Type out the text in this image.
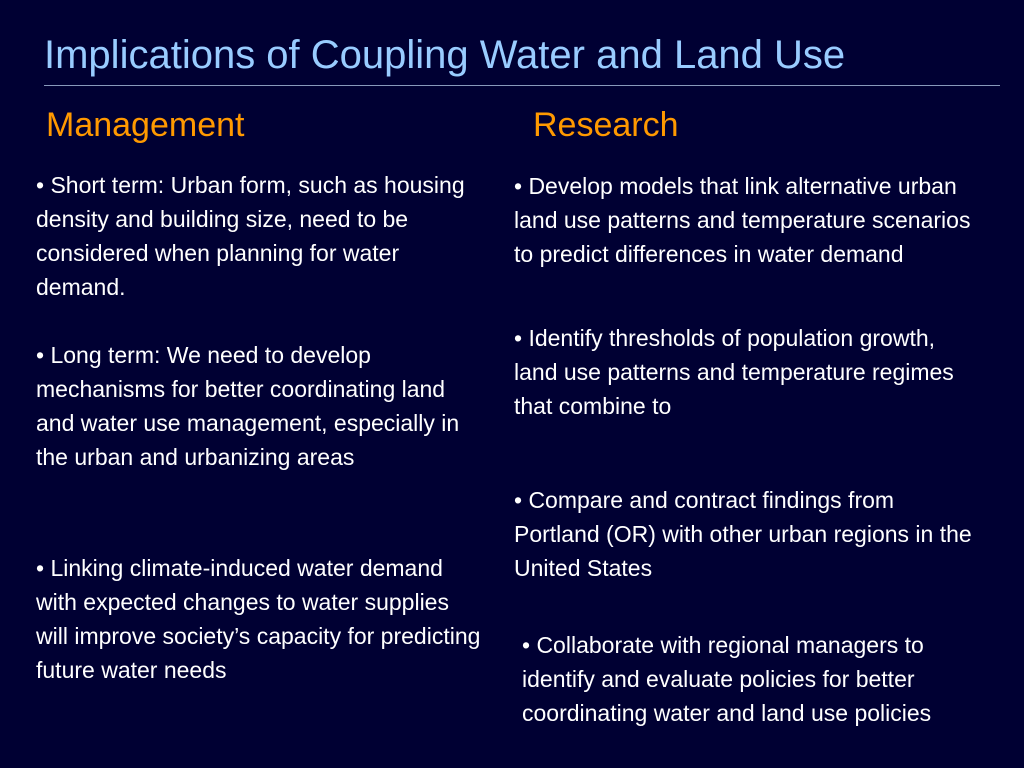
Implications of Coupling Water and Land Use
Management	Research

• Short term: Urban form, such as housing density and building size, need to be considered when planning for water demand.

• Long term: We need to develop mechanisms for better coordinating land and water use management, especially in the urban and urbanizing areas

• Linking climate-induced water demand with expected changes to water supplies will improve society’s capacity for predicting future water needs

• Develop models that link alternative urban land use patterns and temperature scenarios to predict differences in water demand

• Identify thresholds of population growth, land use patterns and temperature regimes that combine to

• Compare and contract findings from Portland (OR) with other urban regions in the United States

• Collaborate with regional managers to identify and evaluate policies for better coordinating water and land use policies
